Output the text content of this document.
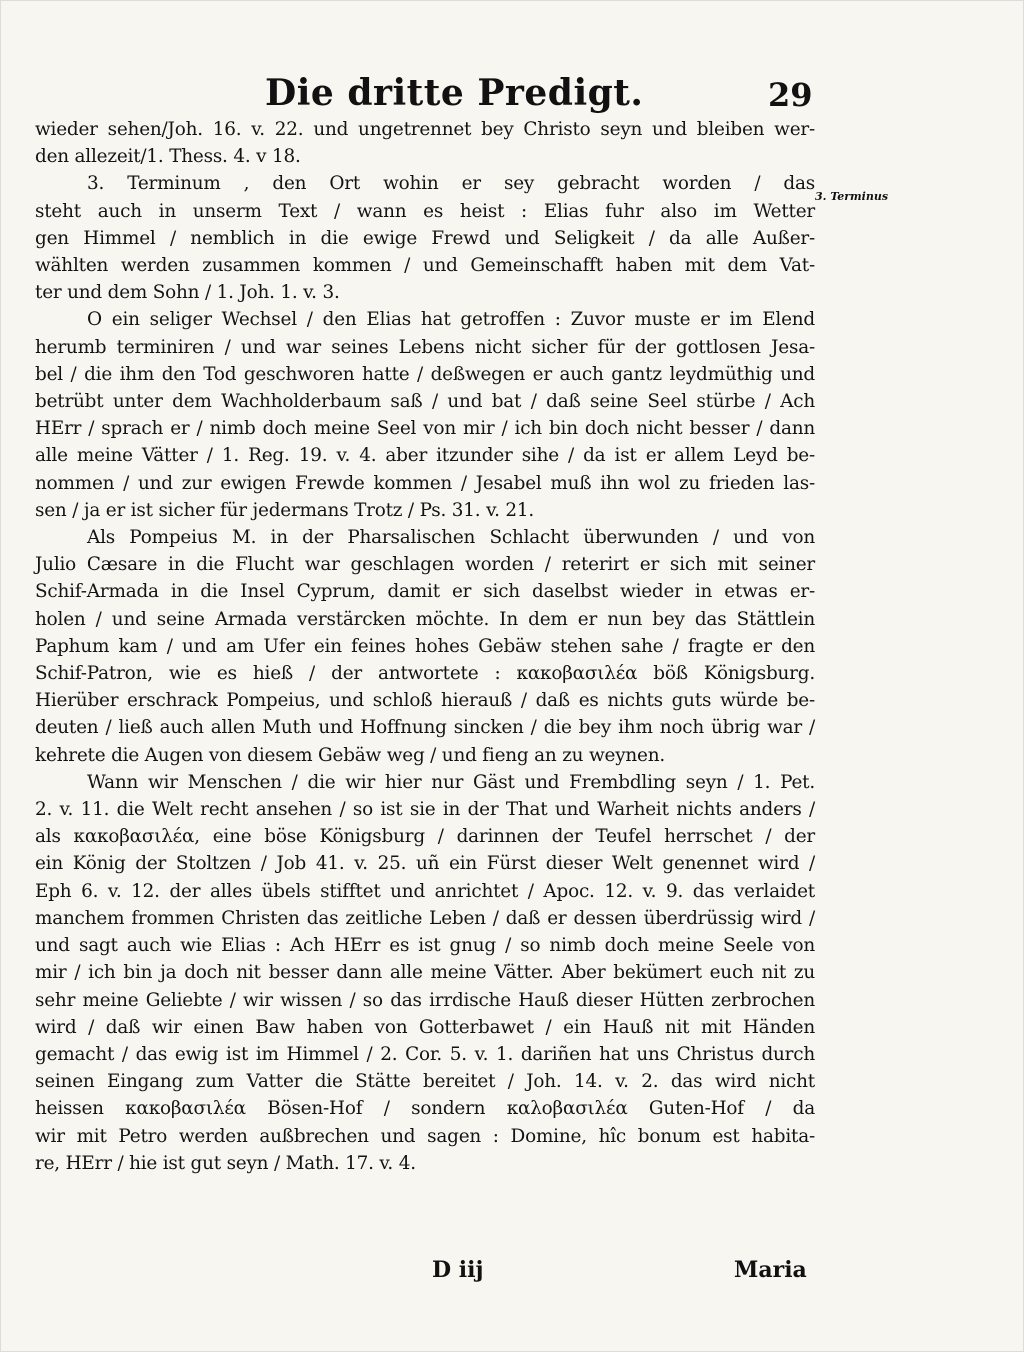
Die dritte Predigt.	29
3. Terminus

wieder sehen/Joh. 16. v. 22. und ungetrennet bey Christo seyn und bleiben wer-

den allezeit/1. Thess. 4. v 18.

3. Terminum , den Ort wohin er sey gebracht worden / das

steht auch in unserm Text / wann es heist : Elias fuhr also im Wetter

gen Himmel / nemblich in die ewige Frewd und Seligkeit / da alle Außer-

wählten werden zusammen kommen / und Gemeinschafft haben mit dem Vat-

ter und dem Sohn / 1. Joh. 1. v. 3.

O ein seliger Wechsel / den Elias hat getroffen : Zuvor muste er im Elend

herumb terminiren / und war seines Lebens nicht sicher für der gottlosen Jesa-

bel / die ihm den Tod geschworen hatte / deßwegen er auch gantz leydmüthig und

betrübt unter dem Wachholderbaum saß / und bat / daß seine Seel stürbe / Ach

HErr / sprach er / nimb doch meine Seel von mir / ich bin doch nicht besser / dann

alle meine Vätter / 1. Reg. 19. v. 4. aber itzunder sihe / da ist er allem Leyd be-

nommen / und zur ewigen Frewde kommen / Jesabel muß ihn wol zu frieden las-

sen / ja er ist sicher für jedermans Trotz / Ps. 31. v. 21.

Als Pompeius M. in der Pharsalischen Schlacht überwunden / und von

Julio Cæsare in die Flucht war geschlagen worden / reterirt er sich mit seiner

Schif-Armada in die Insel Cyprum, damit er sich daselbst wieder in etwas er-

holen / und seine Armada verstärcken möchte. In dem er nun bey das Stättlein

Paphum kam / und am Ufer ein feines hohes Gebäw stehen sahe / fragte er den

Schif-Patron, wie es hieß / der antwortete : κακοβασιλέα böß Königsburg.

Hierüber erschrack Pompeius, und schloß hierauß / daß es nichts guts würde be-

deuten / ließ auch allen Muth und Hoffnung sincken / die bey ihm noch übrig war /

kehrete die Augen von diesem Gebäw weg / und fieng an zu weynen.

Wann wir Menschen / die wir hier nur Gäst und Frembdling seyn / 1. Pet.

2. v. 11. die Welt recht ansehen / so ist sie in der That und Warheit nichts anders /

als κακοβασιλέα, eine böse Königsburg / darinnen der Teufel herrschet / der

ein König der Stoltzen / Job 41. v. 25. uñ ein Fürst dieser Welt genennet wird /

Eph 6. v. 12. der alles übels stifftet und anrichtet / Apoc. 12. v. 9. das verlaidet

manchem frommen Christen das zeitliche Leben / daß er dessen überdrüssig wird /

und sagt auch wie Elias : Ach HErr es ist gnug / so nimb doch meine Seele von

mir / ich bin ja doch nit besser dann alle meine Vätter. Aber bekümert euch nit zu

sehr meine Geliebte / wir wissen / so das irrdische Hauß dieser Hütten zerbrochen

wird / daß wir einen Baw haben von Gotterbawet / ein Hauß nit mit Händen

gemacht / das ewig ist im Himmel / 2. Cor. 5. v. 1. dariñen hat uns Christus durch

seinen Eingang zum Vatter die Stätte bereitet / Joh. 14. v. 2. das wird nicht

heissen κακοβασιλέα Bösen-Hof / sondern καλοβασιλέα Guten-Hof / da

wir mit Petro werden außbrechen und sagen : Domine, hîc bonum est habita-

re, HErr / hie ist gut seyn / Math. 17. v. 4.

D iij	Maria
